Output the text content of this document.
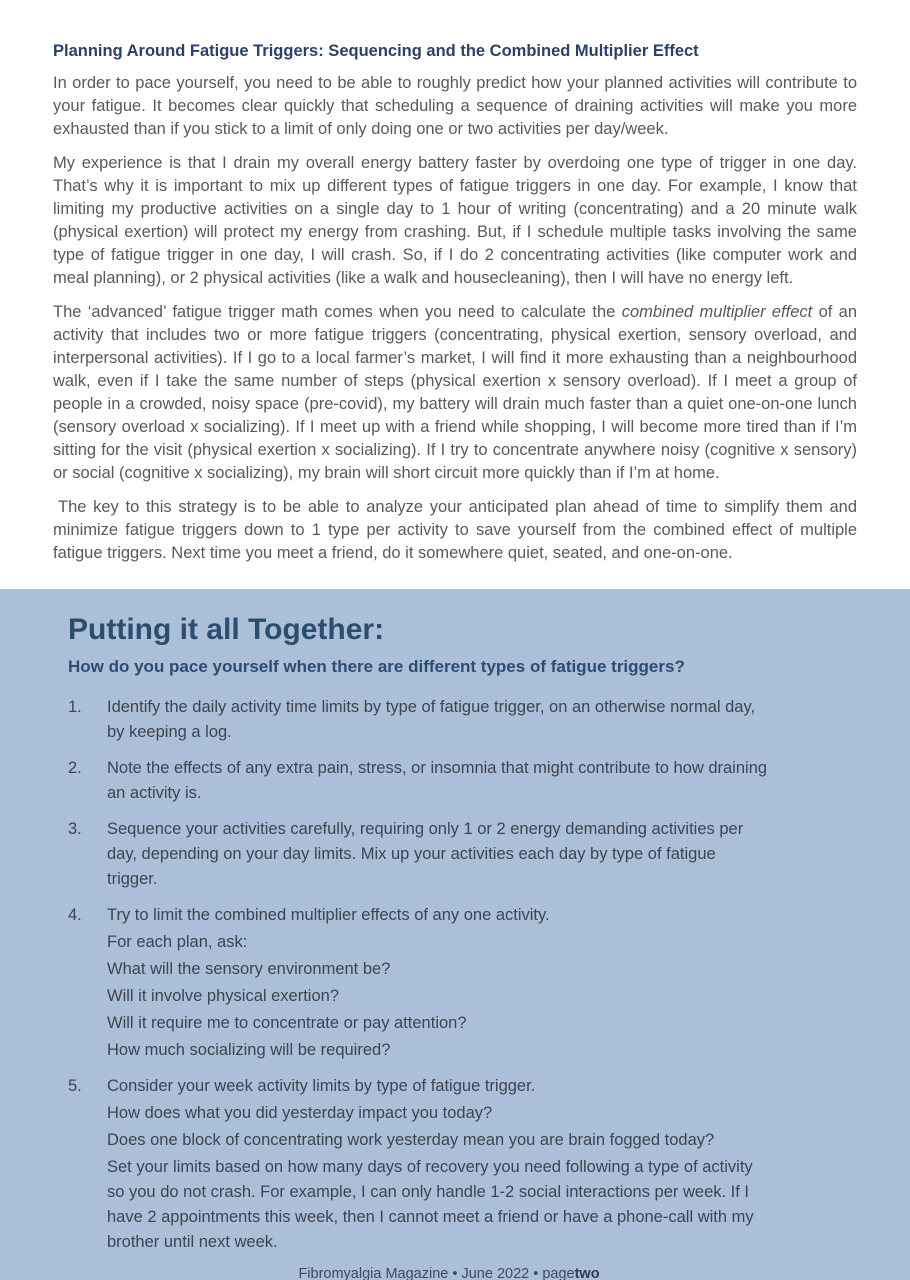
Planning Around Fatigue Triggers: Sequencing and the Combined Multiplier Effect

In order to pace yourself, you need to be able to roughly predict how your planned activities will contribute to your fatigue. It becomes clear quickly that scheduling a sequence of draining activities will make you more exhausted than if you stick to a limit of only doing one or two activities per day/week.

My experience is that I drain my overall energy battery faster by overdoing one type of trigger in one day. That’s why it is important to mix up different types of fatigue triggers in one day. For example, I know that limiting my productive activities on a single day to 1 hour of writing (concentrating) and a 20 minute walk (physical exertion) will protect my energy from crashing. But, if I schedule multiple tasks involving the same type of fatigue trigger in one day, I will crash. So, if I do 2 concentrating activities (like computer work and meal planning), or 2 physical activities (like a walk and housecleaning), then I will have no energy left.

The ‘advanced’ fatigue trigger math comes when you need to calculate the combined multiplier effect of an activity that includes two or more fatigue triggers (concentrating, physical exertion, sensory overload, and interpersonal activities). If I go to a local farmer’s market, I will find it more exhausting than a neighbourhood walk, even if I take the same number of steps (physical exertion x sensory overload). If I meet a group of people in a crowded, noisy space (pre-covid), my battery will drain much faster than a quiet one-on-one lunch (sensory overload x socializing). If I meet up with a friend while shopping, I will become more tired than if I’m sitting for the visit (physical exertion x socializing). If I try to concentrate anywhere noisy (cognitive x sensory) or social (cognitive x socializing), my brain will short circuit more quickly than if I’m at home.

The key to this strategy is to be able to analyze your anticipated plan ahead of time to simplify them and minimize fatigue triggers down to 1 type per activity to save yourself from the combined effect of multiple fatigue triggers. Next time you meet a friend, do it somewhere quiet, seated, and one-on-one.

Putting it all Together:
How do you pace yourself when there are different types of fatigue triggers?
1.	Identify the daily activity time limits by type of fatigue trigger, on an otherwise normal day, by keeping a log.
2.	Note the effects of any extra pain, stress, or insomnia that might contribute to how draining an activity is.
3.	Sequence your activities carefully, requiring only 1 or 2 energy demanding activities per day, depending on your day limits. Mix up your activities each day by type of fatigue trigger.
4.	Try to limit the combined multiplier effects of any one activity.
For each plan, ask:
What will the sensory environment be?
Will it involve physical exertion?
Will it require me to concentrate or pay attention?
How much socializing will be required?
5.	Consider your week activity limits by type of fatigue trigger.
How does what you did yesterday impact you today?
Does one block of concentrating work yesterday mean you are brain fogged today?
Set your limits based on how many days of recovery you need following a type of activity so you do not crash. For example, I can only handle 1-2 social interactions per week. If I have 2 appointments this week, then I cannot meet a friend or have a phone-call with my brother until next week.
Fibromyalgia Magazine • June 2022 • pagetwo
